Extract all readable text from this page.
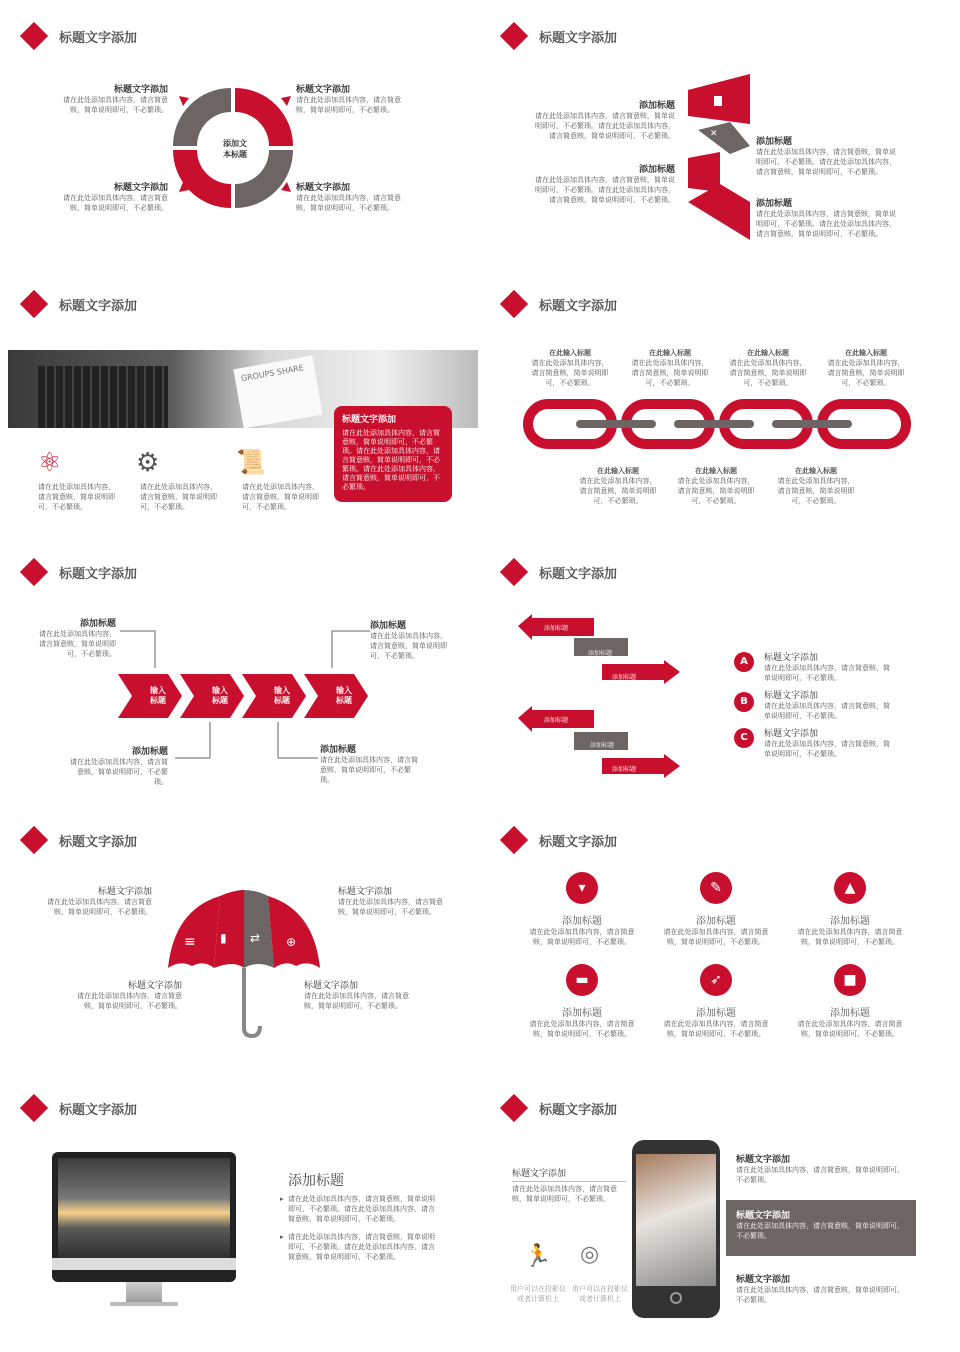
标题文字添加
添加文
本标题
标题文字添加
请在此处添加具体内容，请言简意赅，简单说明即可，不必繁琐。
标题文字添加
请在此处添加具体内容，请言简意赅，简单说明即可，不必繁琐。
标题文字添加
请在此处添加具体内容，请言简意赅，简单说明即可，不必繁琐。
标题文字添加
请在此处添加具体内容，请言简意赅，简单说明即可，不必繁琐。
标题文字添加
✕
添加标题
请在此处添加具体内容，请言简意赅，简单说明即可，不必繁琐。请在此处添加具体内容，请言简意赅，简单说明即可，不必繁琐。
添加标题
请在此处添加具体内容，请言简意赅，简单说明即可，不必繁琐。请在此处添加具体内容，请言简意赅，简单说明即可，不必繁琐。
添加标题
请在此处添加具体内容，请言简意赅，简单说明即可，不必繁琐。请在此处添加具体内容，请言简意赅，简单说明即可，不必繁琐。
添加标题
请在此处添加具体内容，请言简意赅，简单说明即可，不必繁琐。请在此处添加具体内容，请言简意赅，简单说明即可，不必繁琐。
标题文字添加
GROUPS SHARE
标题文字添加
请在此处添加具体内容，请言简意赅，简单说明即可，不必繁琐。请在此处添加具体内容，请言简意赅，简单说明即可，不必繁琐。请在此处添加具体内容，请言简意赅，简单说明即可，不必繁琐。
⚛	⚙	📜
请在此处添加具体内容，请言简意赅，简单说明即可，不必繁琐。
请在此处添加具体内容，请言简意赅，简单说明即可，不必繁琐。
请在此处添加具体内容，请言简意赅，简单说明即可，不必繁琐。
标题文字添加
在此输入标题
请在此处添加具体内容，请言简意赅，简单说明即可，不必繁琐。
在此输入标题
请在此处添加具体内容，请言简意赅，简单说明即可，不必繁琐。
在此输入标题
请在此处添加具体内容，请言简意赅，简单说明即可，不必繁琐。
在此输入标题
请在此处添加具体内容，请言简意赅，简单说明即可，不必繁琐。
在此输入标题
请在此处添加具体内容，请言简意赅，简单说明即可，不必繁琐。
在此输入标题
请在此处添加具体内容，请言简意赅，简单说明即可，不必繁琐。
在此输入标题
请在此处添加具体内容，请言简意赅，简单说明即可，不必繁琐。
标题文字添加
输入
标题
输入
标题
输入
标题
输入
标题
添加标题
请在此处添加具体内容，请言简意赅，简单说明即可，不必繁琐。
添加标题
请在此处添加具体内容，请言简意赅，简单说明即可，不必繁琐。
添加标题
请在此处添加具体内容，请言简意赅，简单说明即可，不必繁琐。
添加标题
请在此处添加具体内容，请言简意赅，简单说明即可，不必繁琐。
标题文字添加
添加标题
添加标题
添加标题
添加标题
添加标题
添加标题
A
B
C
标题文字添加
请在此处添加具体内容，请言简意赅，简单说明即可，不必繁琐。
标题文字添加
请在此处添加具体内容，请言简意赅，简单说明即可，不必繁琐。
标题文字添加
请在此处添加具体内容，请言简意赅，简单说明即可，不必繁琐。
标题文字添加
≡ ▮ ⇄ ⊕
标题文字添加
请在此处添加具体内容，请言简意赅，简单说明即可，不必繁琐。
标题文字添加
请在此处添加具体内容，请言简意赅，简单说明即可，不必繁琐。
标题文字添加
请在此处添加具体内容，请言简意赅，简单说明即可，不必繁琐。
标题文字添加
请在此处添加具体内容，请言简意赅，简单说明即可，不必繁琐。
标题文字添加
▾	✎	▲
▬	➶	■
添加标题
请在此处添加具体内容，请言简意赅，简单说明即可，不必繁琐。
添加标题
请在此处添加具体内容，请言简意赅，简单说明即可，不必繁琐。
添加标题
请在此处添加具体内容，请言简意赅，简单说明即可，不必繁琐。
添加标题
请在此处添加具体内容，请言简意赅，简单说明即可，不必繁琐。
添加标题
请在此处添加具体内容，请言简意赅，简单说明即可，不必繁琐。
添加标题
请在此处添加具体内容，请言简意赅，简单说明即可，不必繁琐。
标题文字添加
添加标题
▸ 请在此处添加具体内容，请言简意赅，简单说明即可，不必繁琐。请在此处添加具体内容，请言简意赅，简单说明即可，不必繁琐。
▸ 请在此处添加具体内容，请言简意赅，简单说明即可，不必繁琐。请在此处添加具体内容，请言简意赅，简单说明即可，不必繁琐。
标题文字添加
标题文字添加
请在此处添加具体内容，请言简意赅，简单说明即可，不必繁琐。
🏃 ◎
用户可以在投影仪或者计算机上
用户可以在投影仪或者计算机上
标题文字添加
请在此处添加具体内容，请言简意赅，简单说明即可，不必繁琐。
标题文字添加
请在此处添加具体内容，请言简意赅，简单说明即可，不必繁琐。
标题文字添加
请在此处添加具体内容，请言简意赅，简单说明即可，不必繁琐。
